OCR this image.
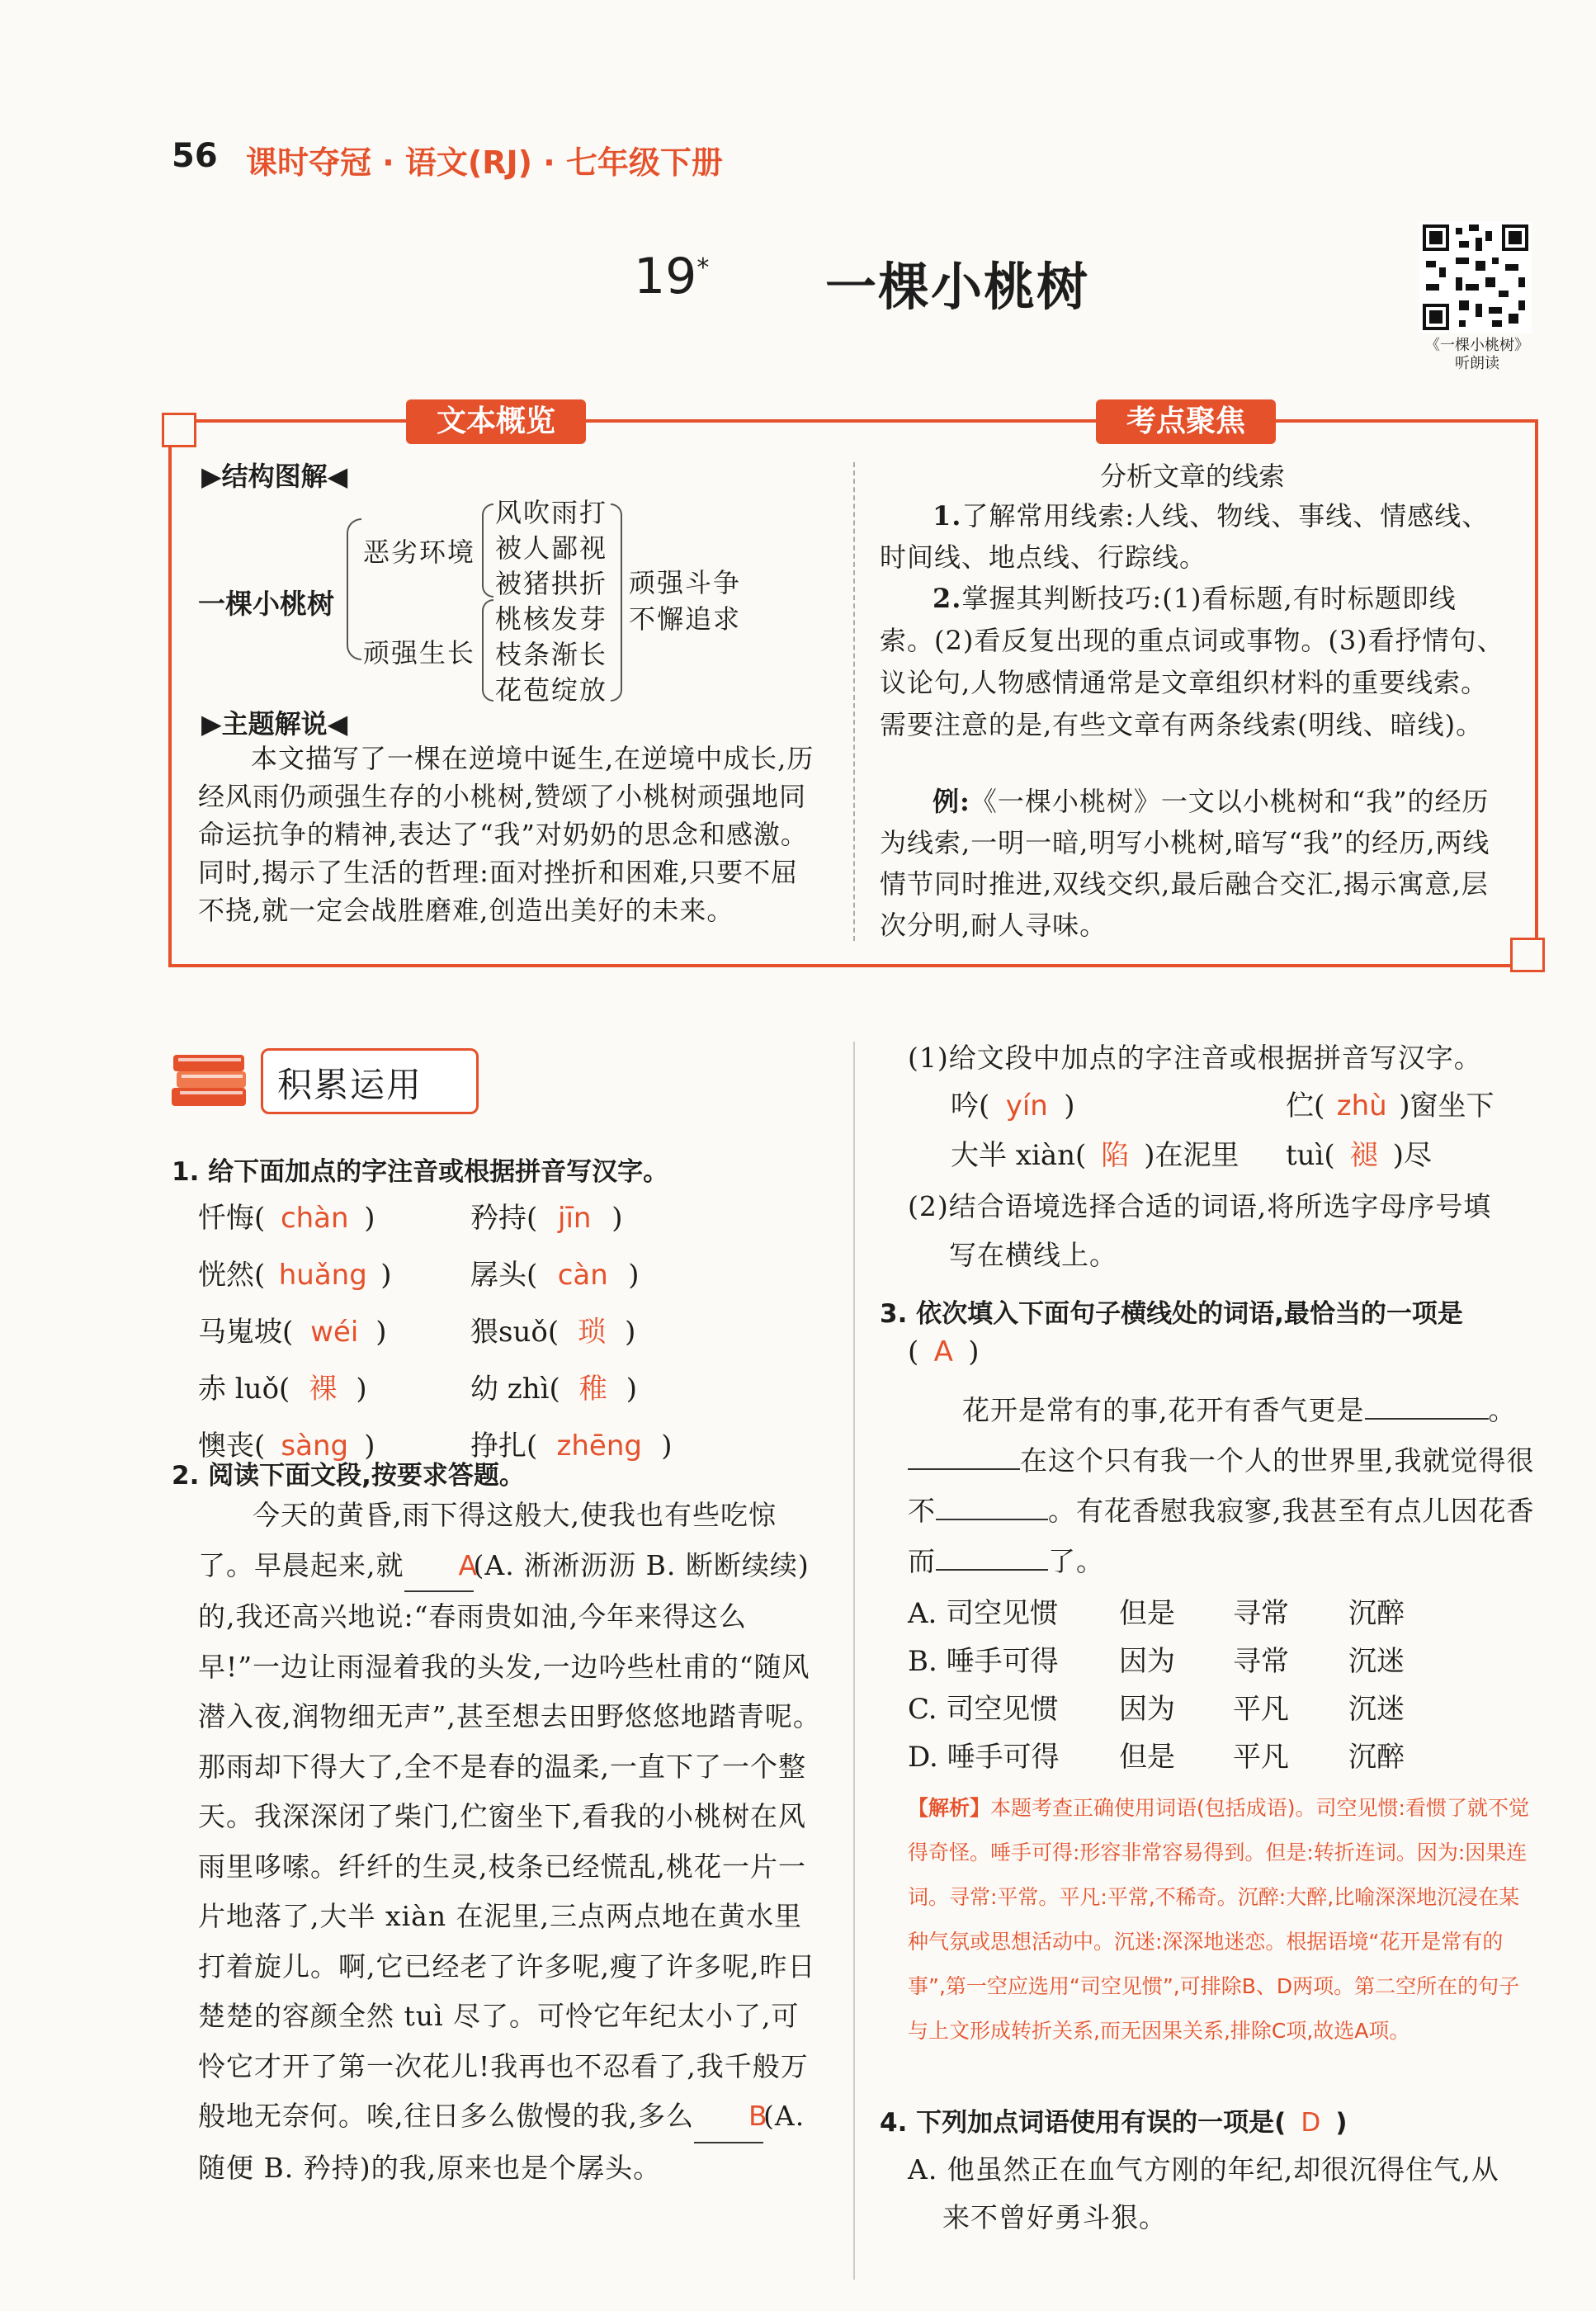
56 课时夺冠 · 语文(RJ) · 七年级下册
19* 一棵小桃树
《一棵小桃树》
听朗读
文本概览	考点聚焦
▶结构图解◀
一棵小桃树
恶劣环境
顽强生长
风吹雨打
被人鄙视
被猪拱折
桃核发芽
枝条渐长
花苞绽放
顽强斗争
不懈追求
▶主题解说◀
本文描写了一棵在逆境中诞生,在逆境中成长,历经风雨仍顽强生存的小桃树,赞颂了小桃树顽强地同命运抗争的精神,表达了“我”对奶奶的思念和感激。同时,揭示了生活的哲理:面对挫折和困难,只要不屈不挠,就一定会战胜磨难,创造出美好的未来。
分析文章的线索
1.了解常用线索:人线、物线、事线、情感线、时间线、地点线、行踪线。
2.掌握其判断技巧:(1)看标题,有时标题即线索。(2)看反复出现的重点词或事物。(3)看抒情句、议论句,人物感情通常是文章组织材料的重要线索。需要注意的是,有些文章有两条线索(明线、暗线)。
例:《一棵小桃树》一文以小桃树和“我”的经历为线索,一明一暗,明写小桃树,暗写“我”的经历,两线情节同时推进,双线交织,最后融合交汇,揭示寓意,层次分明,耐人寻味。
积累运用
1. 给下面加点的字注音或根据拼音写汉字。
忏悔( chàn )	矜持( jīn )
恍然( huǎng )	孱头( càn )
马嵬坡( wéi )	猥suǒ( 琐 )
赤 luǒ( 裸 )	幼 zhì( 稚 )
懊丧( sàng )	挣扎( zhēng )
2. 阅读下面文段,按要求答题。
今天的黄昏,雨下得这般大,使我也有些吃惊了。早晨起来,就 A(A. 淅淅沥沥 B. 断断续续)的,我还高兴地说:“春雨贵如油,今年来得这么早!”一边让雨湿着我的头发,一边吟些杜甫的“随风潜入夜,润物细无声”,甚至想去田野悠悠地踏青呢。那雨却下得大了,全不是春的温柔,一直下了一个整天。我深深闭了柴门,伫窗坐下,看我的小桃树在风雨里哆嗦。纤纤的生灵,枝条已经慌乱,桃花一片一片地落了,大半 xiàn 在泥里,三点两点地在黄水里打着旋儿。啊,它已经老了许多呢,瘦了许多呢,昨日楚楚的容颜全然 tuì 尽了。可怜它年纪太小了,可怜它才开了第一次花儿!我再也不忍看了,我千般万般地无奈何。唉,往日多么傲慢的我,多么 B(A. 随便 B. 矜持)的我,原来也是个孱头。
(1)给文段中加点的字注音或根据拼音写汉字。
吟( yín )	伫( zhù )窗坐下
大半 xiàn( 陷 )在泥里 tuì( 褪 )尽
(2)结合语境选择合适的词语,将所选字母序号填
写在横线上。
3. 依次填入下面句子横线处的词语,最恰当的一项是
( A )
花开是常有的事,花开有香气更是	。
在这个只有我一个人的世界里,我就觉得很不	。有花香慰我寂寥,我甚至有点儿因花香而	了。
A. 司空见惯	但是	寻常	沉醉
B. 唾手可得	因为	寻常	沉迷
C. 司空见惯	因为	平凡	沉迷
D. 唾手可得	但是	平凡	沉醉
【解析】本题考查正确使用词语(包括成语)。司空见惯:看惯了就不觉得奇怪。唾手可得:形容非常容易得到。但是:转折连词。因为:因果连词。寻常:平常。平凡:平常,不稀奇。沉醉:大醉,比喻深深地沉浸在某种气氛或思想活动中。沉迷:深深地迷恋。根据语境“花开是常有的事”,第一空应选用“司空见惯”,可排除B、D两项。第二空所在的句子与上文形成转折关系,而无因果关系,排除C项,故选A项。
4. 下列加点词语使用有误的一项是( D )
A. 他虽然正在血气方刚的年纪,却很沉得住气,从
来不曾好勇斗狠。
